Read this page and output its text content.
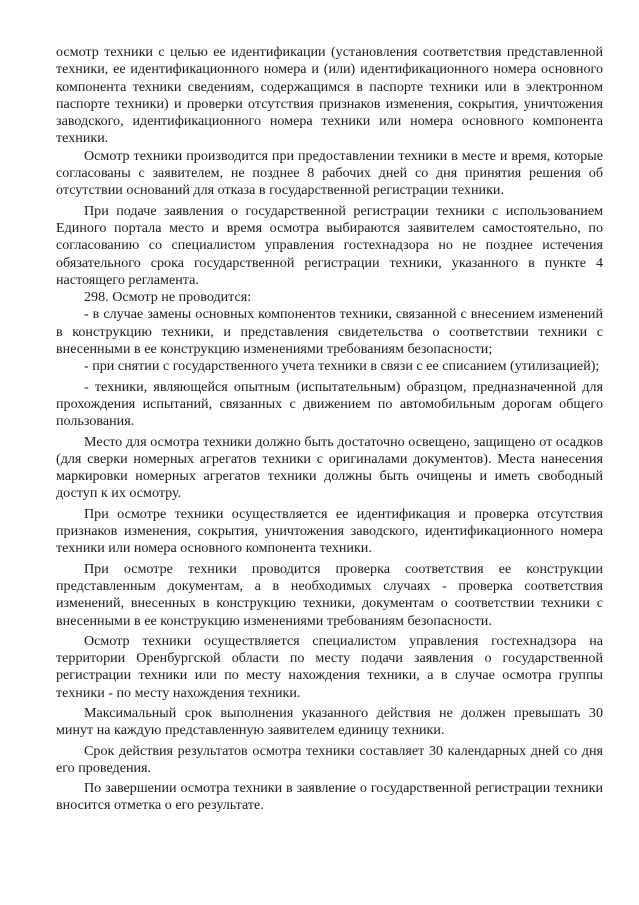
осмотр техники с целью ее идентификации (установления соответствия представленной техники, ее идентификационного номера и (или) идентификационного номера основного компонента техники сведениям, содержащимся в паспорте техники или в электронном паспорте техники) и проверки отсутствия признаков изменения, сокрытия, уничтожения заводского, идентификационного номера техники или номера основного компонента техники.

Осмотр техники производится при предоставлении техники в месте и время, которые согласованы с заявителем, не позднее 8 рабочих дней со дня принятия решения об отсутствии оснований для отказа в государственной регистрации техники.

При подаче заявления о государственной регистрации техники с использованием Единого портала место и время осмотра выбираются заявителем самостоятельно, по согласованию со специалистом управления гостехнадзора но не позднее истечения обязательного срока государственной регистрации техники, указанного в пункте 4 настоящего регламента.

298. Осмотр не проводится:

- в случае замены основных компонентов техники, связанной с внесением изменений в конструкцию техники, и представления свидетельства о соответствии техники с внесенными в ее конструкцию изменениями требованиям безопасности;

- при снятии с государственного учета техники в связи с ее списанием (утилизацией);

- техники, являющейся опытным (испытательным) образцом, предназначенной для прохождения испытаний, связанных с движением по автомобильным дорогам общего пользования.

Место для осмотра техники должно быть достаточно освещено, защищено от осадков (для сверки номерных агрегатов техники с оригиналами документов). Места нанесения маркировки номерных агрегатов техники должны быть очищены и иметь свободный доступ к их осмотру.

При осмотре техники осуществляется ее идентификация и проверка отсутствия признаков изменения, сокрытия, уничтожения заводского, идентификационного номера техники или номера основного компонента техники.

При осмотре техники проводится проверка соответствия ее конструкции представленным документам, а в необходимых случаях - проверка соответствия изменений, внесенных в конструкцию техники, документам о соответствии техники с внесенными в ее конструкцию изменениями требованиям безопасности.

Осмотр техники осуществляется специалистом управления гостехнадзора на территории Оренбургской области по месту подачи заявления о государственной регистрации техники или по месту нахождения техники, а в случае осмотра группы техники - по месту нахождения техники.

Максимальный срок выполнения указанного действия не должен превышать 30 минут на каждую представленную заявителем единицу техники.

Срок действия результатов осмотра техники составляет 30 календарных дней со дня его проведения.

По завершении осмотра техники в заявление о государственной регистрации техники вносится отметка о его результате.
